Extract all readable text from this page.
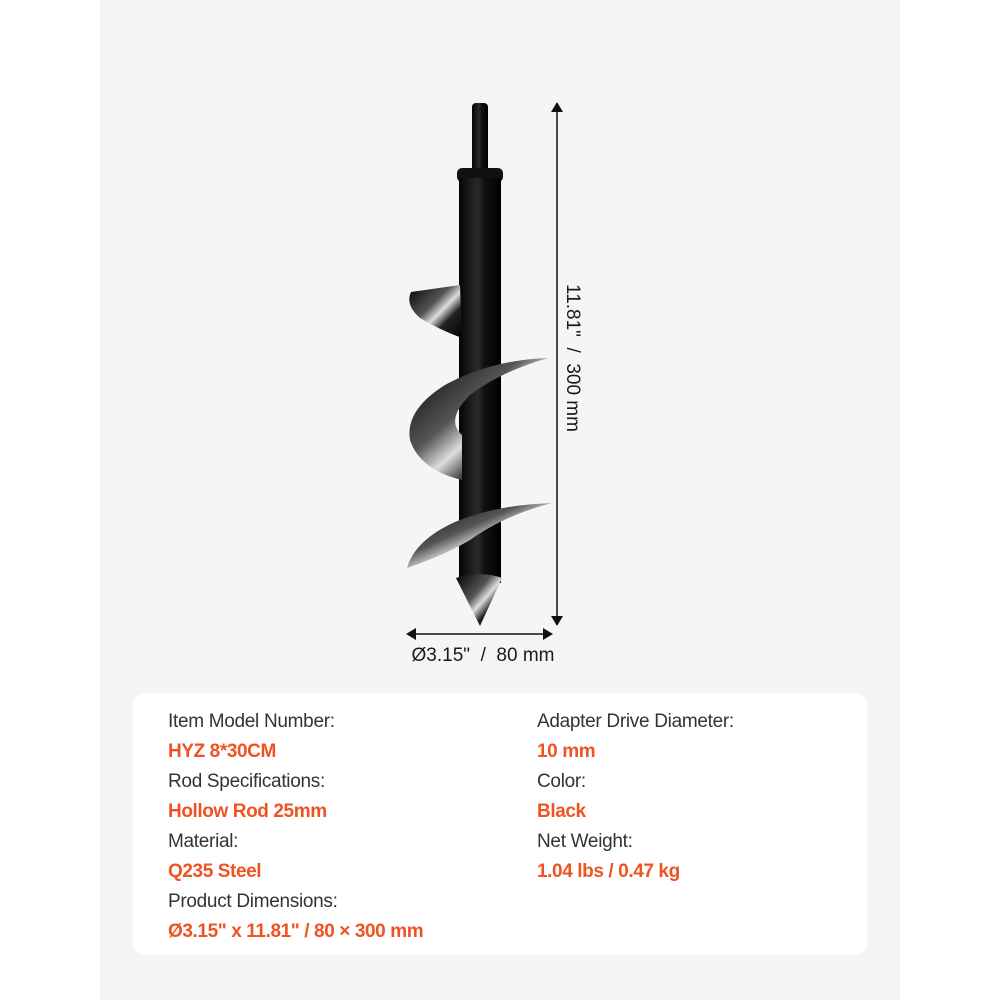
11.81"  /  300 mm
Ø3.15"  /  80 mm
Item Model Number:
HYZ 8*30CM
Rod Specifications:
Hollow Rod 25mm
Material:
Q235 Steel
Product Dimensions:
Ø3.15" x 11.81" / 80 × 300 mm
Adapter Drive Diameter:
10 mm
Color:
Black
Net Weight:
1.04 lbs / 0.47 kg
